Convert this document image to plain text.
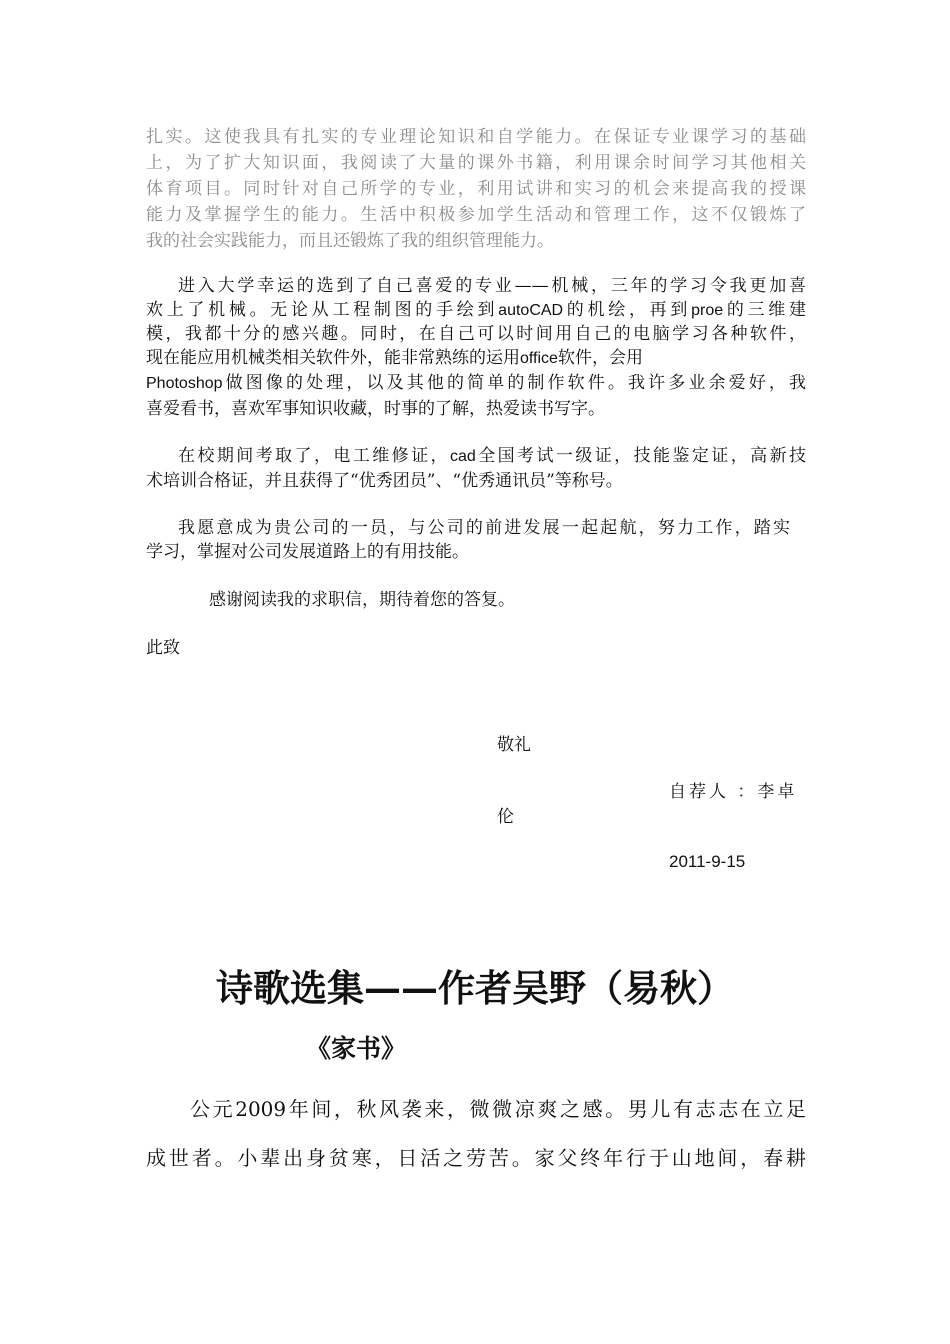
扎实。这使我具有扎实的专业理论知识和自学能力。在保证专业课学习的基础
上，为了扩大知识面，我阅读了大量的课外书籍，利用课余时间学习其他相关
体育项目。同时针对自己所学的专业，利用试讲和实习的机会来提高我的授课
能力及掌握学生的能力。生活中积极参加学生活动和管理工作，这不仅锻炼了
我的社会实践能力，而且还锻炼了我的组织管理能力。
进入大学幸运的选到了自己喜爱的专业——机械，三年的学习令我更加喜
欢上了机械。无论从工程制图的手绘到autoCAD的机绘，再到proe的三维建
模，我都十分的感兴趣。同时，在自己可以时间用自己的电脑学习各种软件，
现在能应用机械类相关软件外，能非常熟练的运用office软件，会用
Photoshop做图像的处理，以及其他的简单的制作软件。我许多业余爱好，我
喜爱看书，喜欢军事知识收藏，时事的了解，热爱读书写字。
在校期间考取了，电工维修证，cad全国考试一级证，技能鉴定证，高新技
术培训合格证，并且获得了“优秀团员”、“优秀通讯员”等称号。
我愿意成为贵公司的一员，与公司的前进发展一起起航，努力工作，踏实
学习，掌握对公司发展道路上的有用技能。
感谢阅读我的求职信，期待着您的答复。
此致
敬礼
自荐人 ：李卓
伦
2011-9-15
诗歌选集——作者吴野（易秋）
《家书》
公元2009年间，秋风袭来，微微凉爽之感。男儿有志志在立足
成世者。小辈出身贫寒，日活之劳苦。家父终年行于山地间，春耕
